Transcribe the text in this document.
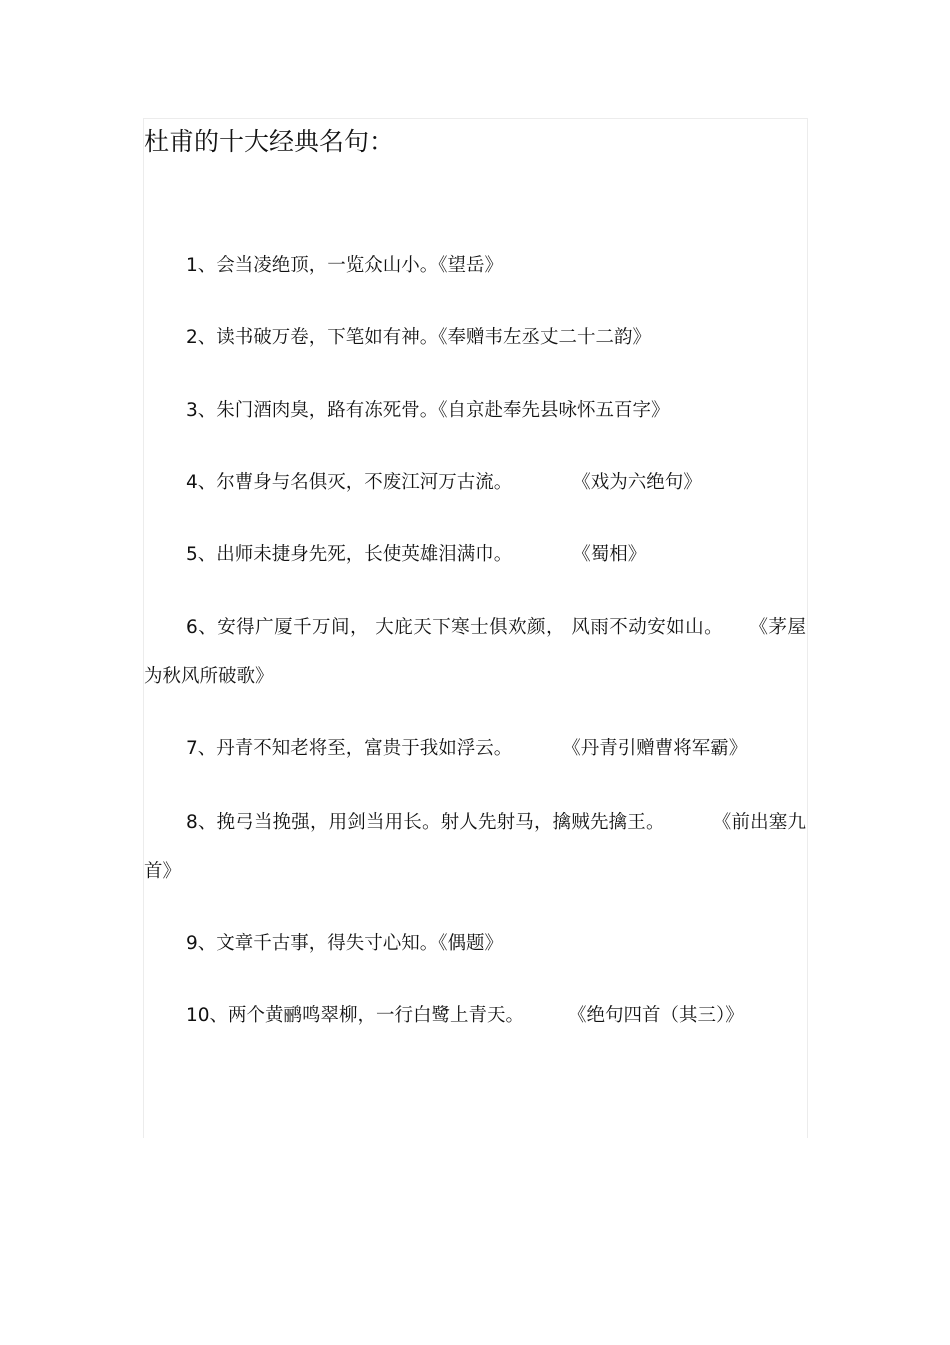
杜甫的十大经典名句：
1、会当凌绝顶，一览众山小。《望岳》
2、读书破万卷，下笔如有神。《奉赠韦左丞丈二十二韵》
3、朱门酒肉臭，路有冻死骨。《自京赴奉先县咏怀五百字》
4、尔曹身与名俱灭，不废江河万古流。	《戏为六绝句》
5、出师未捷身先死，长使英雄泪满巾。	《蜀相》
6、安得广厦千万间， 大庇天下寒士俱欢颜， 风雨不动安如山。 《茅屋为秋风所破歌》
7、丹青不知老将至，富贵于我如浮云。	《丹青引赠曹将军霸》
8、挽弓当挽强，用剑当用长。射人先射马，擒贼先擒王。	《前出塞九首》
9、文章千古事，得失寸心知。《偶题》
10、两个黄鹂鸣翠柳，一行白鹭上青天。 《绝句四首（其三）》
